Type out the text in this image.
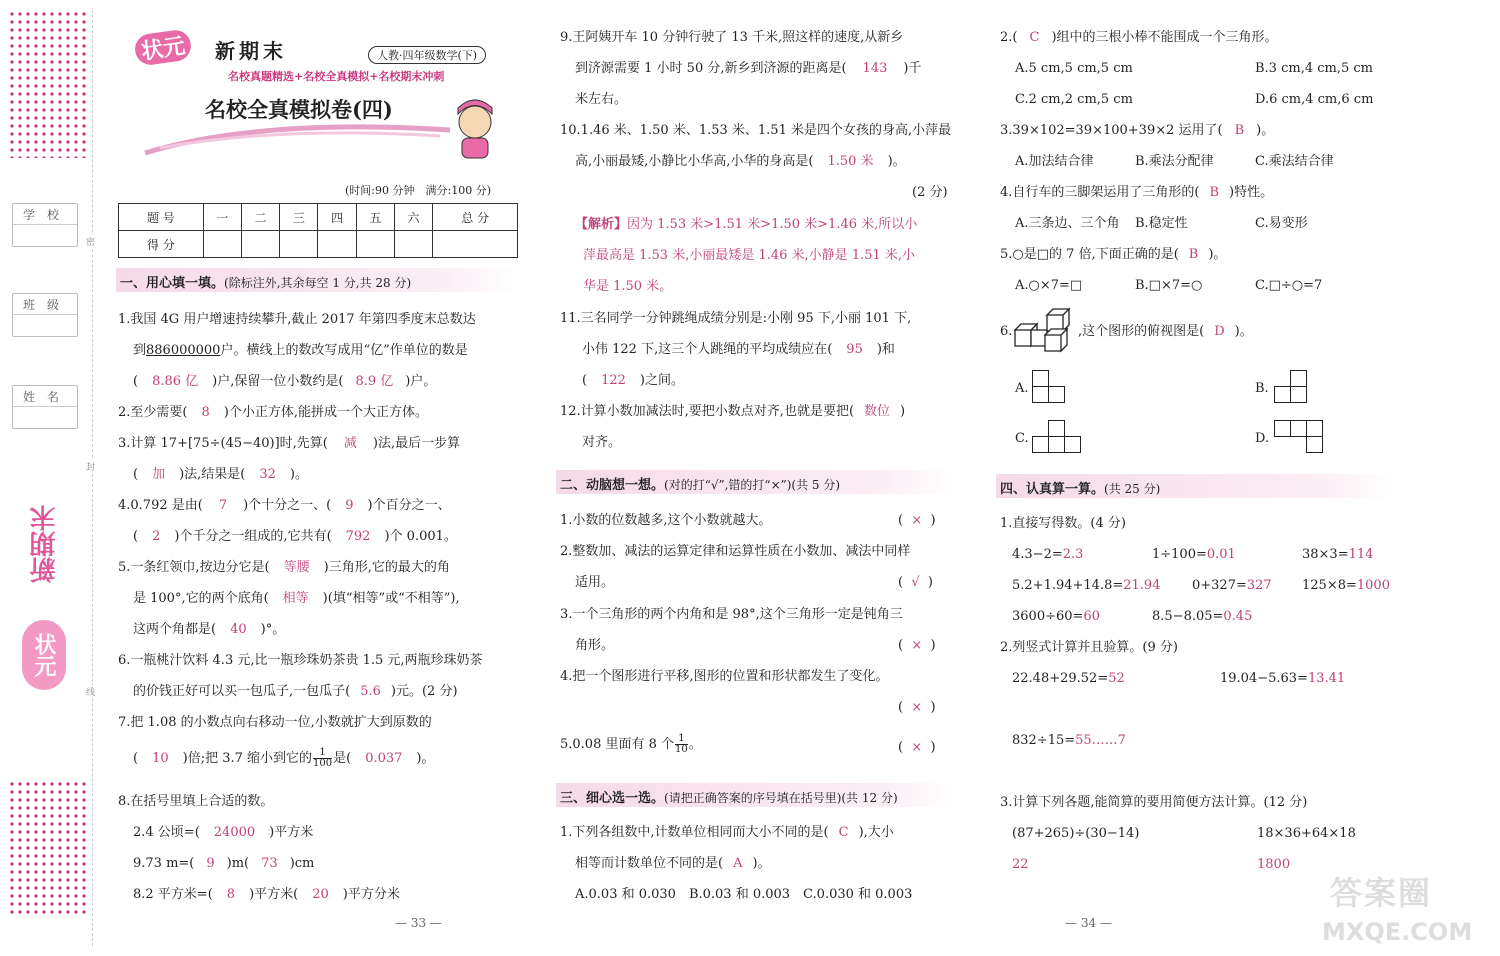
学校
班级
姓名
新期末
状元
密
封
线
状元	新期末	人教·四年级数学(下)
名校真题精选+名校全真模拟+名校期末冲刺
名校全真模拟卷(四)
(时间:90 分钟　满分:100 分)
题 号	一	二	三	四	五	六	总 分
得 分							
一、用心填一填。(除标注外,其余每空 1 分,共 28 分)
1.我国 4G 用户增速持续攀升,截止 2017 年第四季度末总数达
到886000000户。横线上的数改写成用“亿”作单位的数是
( 8.86 亿 )户,保留一位小数约是( 8.9 亿 )户。
2.至少需要( 8 )个小正方体,能拼成一个大正方体。
3.计算 17+[75÷(45−40)]时,先算( 减 )法,最后一步算
( 加 )法,结果是( 32 )。
4.0.792 是由( 7 )个十分之一、( 9 )个百分之一、
( 2 )个千分之一组成的,它共有( 792 )个 0.001。
5.一条红领巾,按边分它是( 等腰 )三角形,它的最大的角
是 100°,它的两个底角( 相等 )(填“相等”或“不相等”),
这两个角都是( 40 )°。
6.一瓶桃汁饮料 4.3 元,比一瓶珍珠奶茶贵 1.5 元,两瓶珍珠奶茶
的价钱正好可以买一包瓜子,一包瓜子( 5.6 )元。(2 分)
7.把 1.08 的小数点向右移动一位,小数就扩大到原数的
( 10 )倍;把 3.7 缩小到它的 $\frac{1}{100}$ 是( 0.037 )。
8.在括号里填上合适的数。
2.4 公顷=( 24000 )平方米
9.73 m=( 9 )m( 73 )cm
8.2 平方米=( 8 )平方米( 20 )平方分米
— 33 —
9.王阿姨开车 10 分钟行驶了 13 千米,照这样的速度,从新乡
到济源需要 1 小时 50 分,新乡到济源的距离是( 143 )千
米左右。
10.1.46 米、1.50 米、1.53 米、1.51 米是四个女孩的身高,小萍最
高,小丽最矮,小静比小华高,小华的身高是( 1.50 米 )。
(2 分)
【解析】因为 1.53 米>1.51 米>1.50 米>1.46 米,所以小
萍最高是 1.53 米,小丽最矮是 1.46 米,小静是 1.51 米,小
华是 1.50 米。
11.三名同学一分钟跳绳成绩分别是:小刚 95 下,小丽 101 下,
小伟 122 下,这三个人跳绳的平均成绩应在( 95 )和
( 122 )之间。
12.计算小数加减法时,要把小数点对齐,也就是要把( 数位 )
对齐。
二、动脑想一想。(对的打“√”,错的打“×”)(共 5 分)
1.小数的位数越多,这个小数就越大。	(  ×  )
2.整数加、减法的运算定律和运算性质在小数加、减法中同样
适用。	(  √  )
3.一个三角形的两个内角和是 98°,这个三角形一定是钝角三
角形。	(  ×  )
4.把一个图形进行平移,图形的位置和形状都发生了变化。
(  ×  )
5.0.08 里面有 8 个 $\frac{1}{10}$ 。	(  ×  )
三、细心选一选。(请把正确答案的序号填在括号里)(共 12 分)
1.下列各组数中,计数单位相同而大小不同的是( C ),大小
相等而计数单位不同的是( A )。
A.0.03 和 0.030　B.0.03 和 0.003　C.0.030 和 0.003
— 34 —
2.( C )组中的三根小棒不能围成一个三角形。
A.5 cm,5 cm,5 cm	B.3 cm,4 cm,5 cm
C.2 cm,2 cm,5 cm	D.6 cm,4 cm,6 cm
3.39×102=39×100+39×2 运用了( B )。
A.加法结合律	B.乘法分配律	C.乘法结合律
4.自行车的三脚架运用了三角形的( B )特性。
A.三条边、三个角 B.稳定性	C.易变形
5.○是□的 7 倍,下面正确的是( B )。
A.○×7=□	B.□×7=○	C.□÷○=7
6.	,这个图形的俯视图是( D )。
A.	B.
C.	D.
四、认真算一算。(共 25 分)
1.直接写得数。(4 分)
4.3−2=2.3	1÷100=0.01	38×3=114
5.2+1.94+14.8=21.94 0+327=327 125×8=1000
3600÷60=60	8.5−8.05=0.45
2.列竖式计算并且验算。(9 分)
22.48+29.52=52	19.04−5.63=13.41
832÷15=55……7
3.计算下列各题,能简算的要用简便方法计算。(12 分)
(87+265)÷(30−14)
22
18×36+64×18
1800
答案圈
MXQE.COM
